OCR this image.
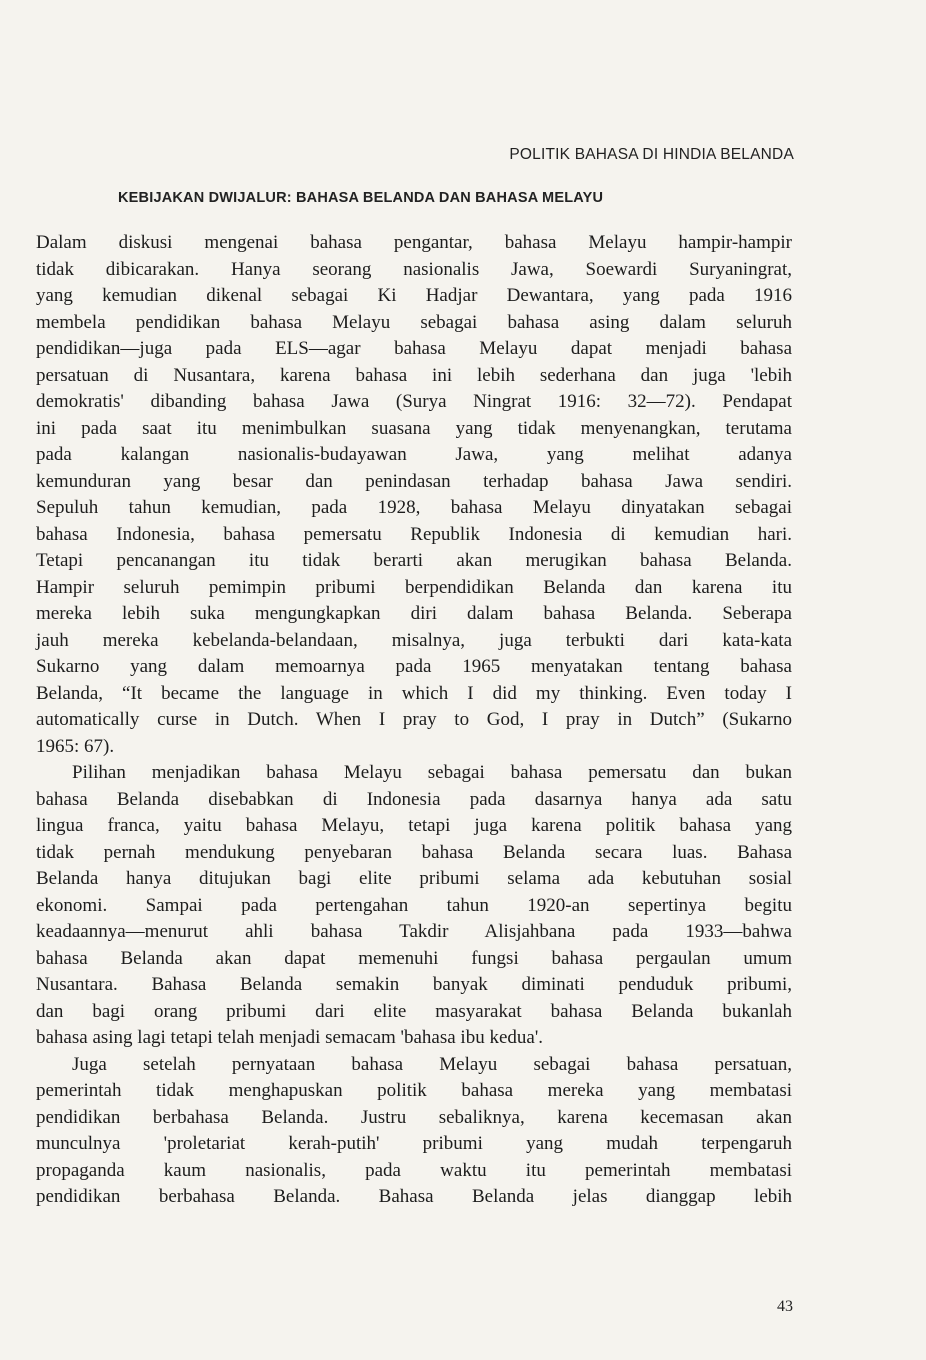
POLITIK BAHASA DI HINDIA BELANDA
KEBIJAKAN DWIJALUR: BAHASA BELANDA DAN BAHASA MELAYU
Dalam diskusi mengenai bahasa pengantar, bahasa Melayu hampir-hampir
tidak dibicarakan. Hanya seorang nasionalis Jawa, Soewardi Suryaningrat,
yang kemudian dikenal sebagai Ki Hadjar Dewantara, yang pada 1916
membela pendidikan bahasa Melayu sebagai bahasa asing dalam seluruh
pendidikan—juga pada ELS—agar bahasa Melayu dapat menjadi bahasa
persatuan di Nusantara, karena bahasa ini lebih sederhana dan juga 'lebih
demokratis' dibanding bahasa Jawa (Surya Ningrat 1916: 32—72). Pendapat
ini pada saat itu menimbulkan suasana yang tidak menyenangkan, terutama
pada kalangan nasionalis-budayawan Jawa, yang melihat adanya
kemunduran yang besar dan penindasan terhadap bahasa Jawa sendiri.
Sepuluh tahun kemudian, pada 1928, bahasa Melayu dinyatakan sebagai
bahasa Indonesia, bahasa pemersatu Republik Indonesia di kemudian hari.
Tetapi pencanangan itu tidak berarti akan merugikan bahasa Belanda.
Hampir seluruh pemimpin pribumi berpendidikan Belanda dan karena itu
mereka lebih suka mengungkapkan diri dalam bahasa Belanda. Seberapa
jauh mereka kebelanda-belandaan, misalnya, juga terbukti dari kata-kata
Sukarno yang dalam memoarnya pada 1965 menyatakan tentang bahasa
Belanda, “It became the language in which I did my thinking. Even today I
automatically curse in Dutch. When I pray to God, I pray in Dutch” (Sukarno
1965: 67).
Pilihan menjadikan bahasa Melayu sebagai bahasa pemersatu dan bukan
bahasa Belanda disebabkan di Indonesia pada dasarnya hanya ada satu
lingua franca, yaitu bahasa Melayu, tetapi juga karena politik bahasa yang
tidak pernah mendukung penyebaran bahasa Belanda secara luas. Bahasa
Belanda hanya ditujukan bagi elite pribumi selama ada kebutuhan sosial
ekonomi. Sampai pada pertengahan tahun 1920-an sepertinya begitu
keadaannya—menurut ahli bahasa Takdir Alisjahbana pada 1933—bahwa
bahasa Belanda akan dapat memenuhi fungsi bahasa pergaulan umum
Nusantara. Bahasa Belanda semakin banyak diminati penduduk pribumi,
dan bagi orang pribumi dari elite masyarakat bahasa Belanda bukanlah
bahasa asing lagi tetapi telah menjadi semacam 'bahasa ibu kedua'.
Juga setelah pernyataan bahasa Melayu sebagai bahasa persatuan,
pemerintah tidak menghapuskan politik bahasa mereka yang membatasi
pendidikan berbahasa Belanda. Justru sebaliknya, karena kecemasan akan
munculnya 'proletariat kerah-putih' pribumi yang mudah terpengaruh
propaganda kaum nasionalis, pada waktu itu pemerintah membatasi
pendidikan berbahasa Belanda. Bahasa Belanda jelas dianggap lebih
43
